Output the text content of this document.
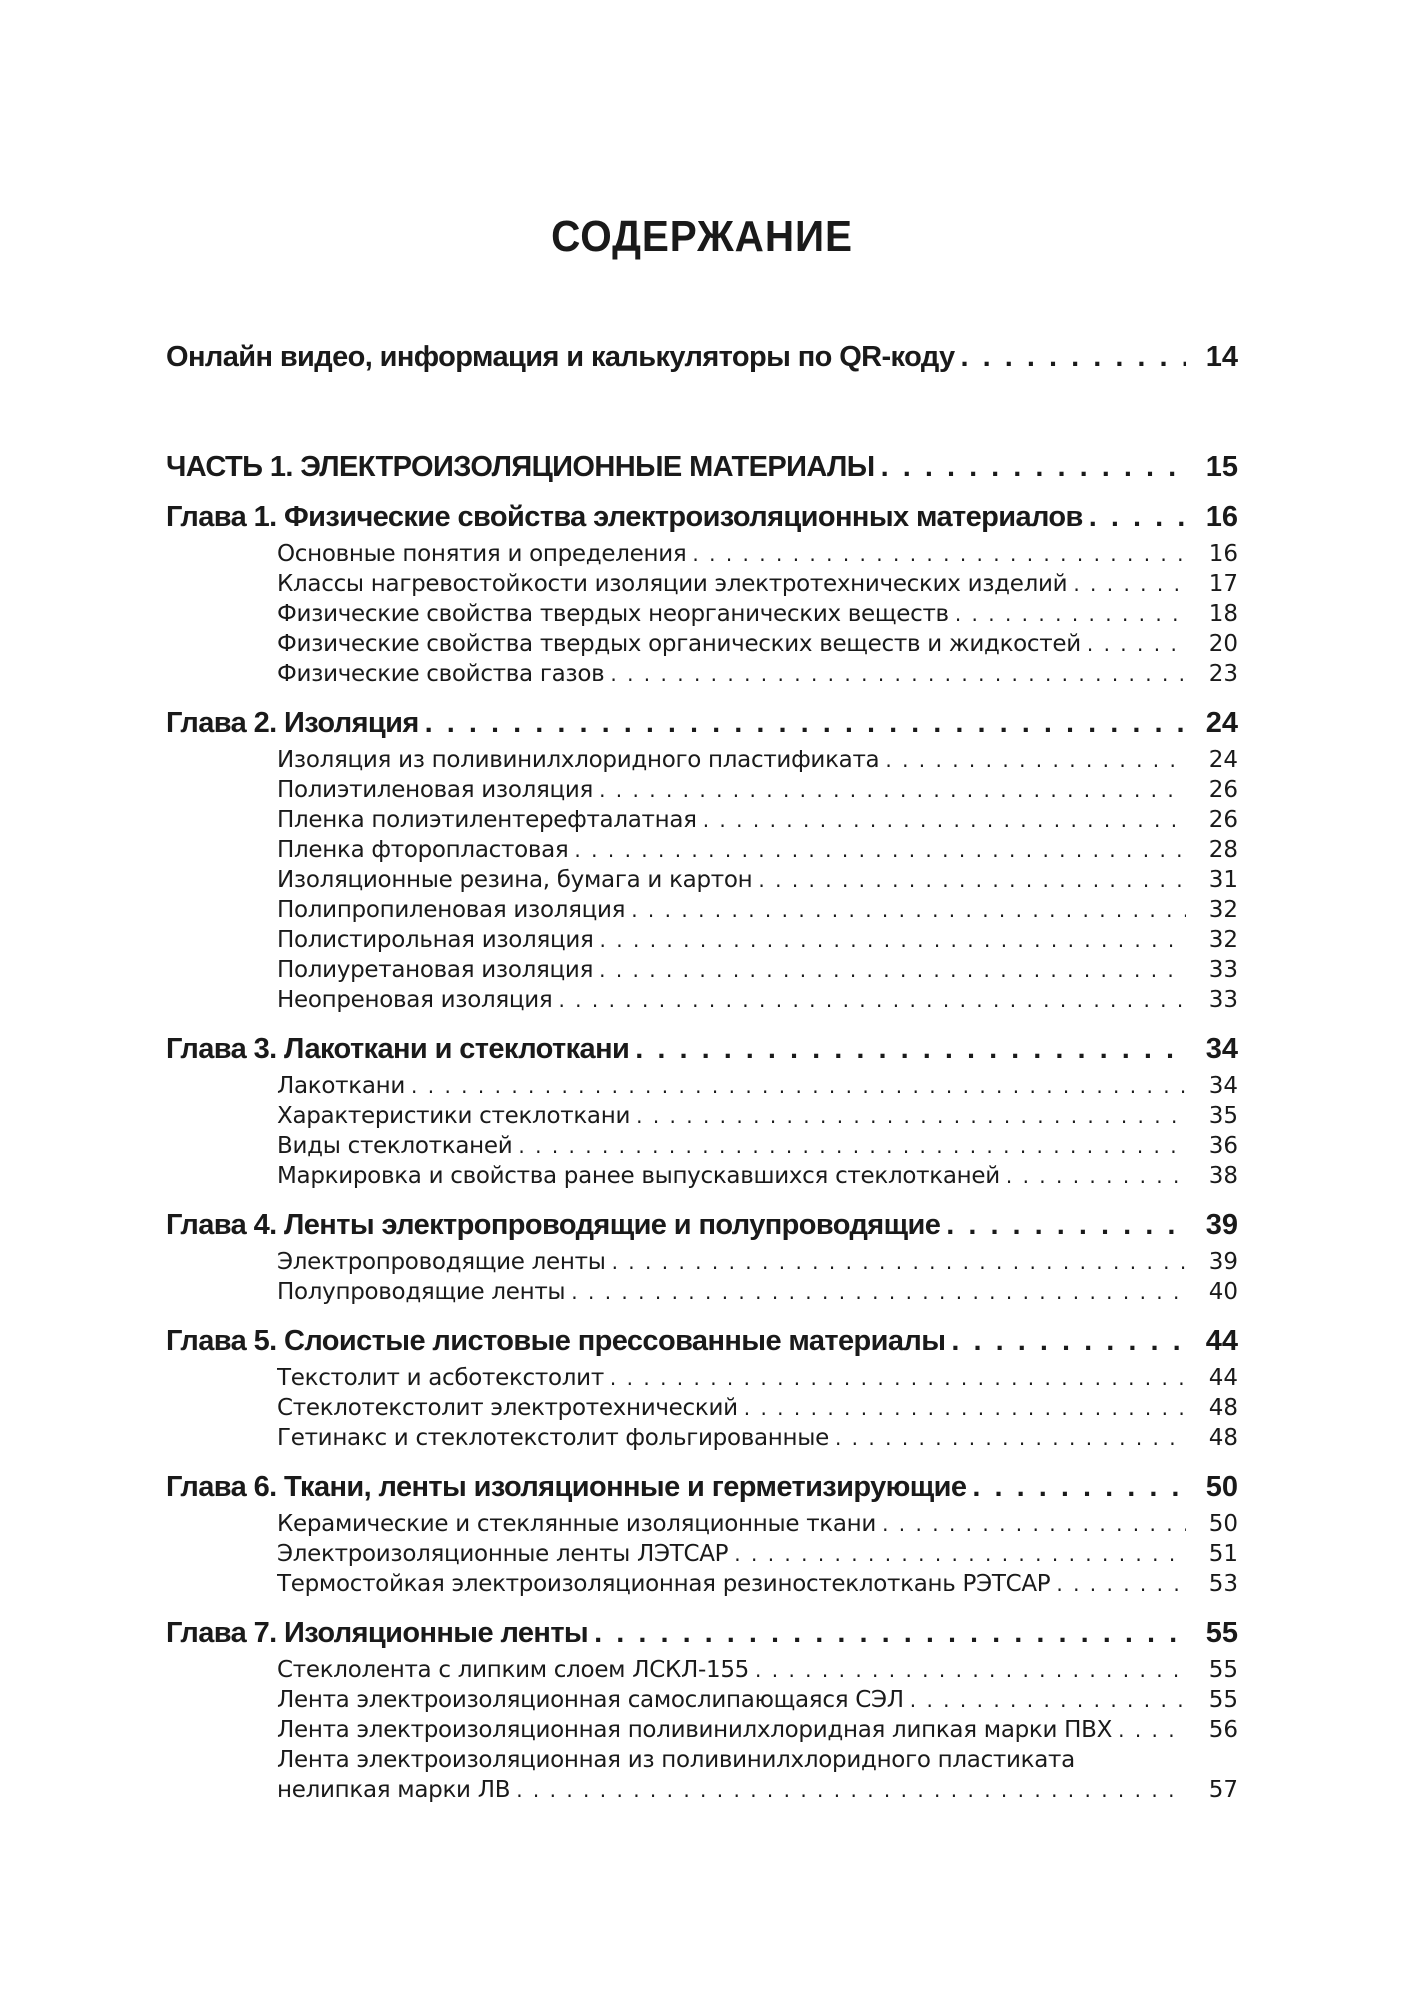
СОДЕРЖАНИЕ
Онлайн видео, информация и калькуляторы по QR-коду . . .	14
ЧАСТЬ 1. ЭЛЕКТРОИЗОЛЯЦИОННЫЕ МАТЕРИАЛЫ . . .	15
Глава 1. Физические свойства электроизоляционных материалов . . .	16
Основные понятия и определения . . .	16
Классы нагревостойкости изоляции электротехнических изделий . . .	17
Физические свойства твердых неорганических веществ . . .	18
Физические свойства твердых органических веществ и жидкостей . . .	20
Физические свойства газов . . .	23
Глава 2. Изоляция . . .	24
Изоляция из поливинилхлоридного пластификата . . .	24
Полиэтиленовая изоляция . . .	26
Пленка полиэтилентерефталатная . . .	26
Пленка фторопластовая . . .	28
Изоляционные резина, бумага и картон . . .	31
Полипропиленовая изоляция . . .	32
Полистирольная изоляция . . .	32
Полиуретановая изоляция . . .	33
Неопреновая изоляция . . .	33
Глава 3. Лакоткани и стеклоткани . . .	34
Лакоткани . . .	34
Характеристики стеклоткани . . .	35
Виды стеклотканей . . .	36
Маркировка и свойства ранее выпускавшихся стеклотканей . . .	38
Глава 4. Ленты электропроводящие и полупроводящие . . .	39
Электропроводящие ленты . . .	39
Полупроводящие ленты . . .	40
Глава 5. Слоистые листовые прессованные материалы . . .	44
Текстолит и асботекстолит . . .	44
Стеклотекстолит электротехнический . . .	48
Гетинакс и стеклотекстолит фольгированные . . .	48
Глава 6. Ткани, ленты изоляционные и герметизирующие . . .	50
Керамические и стеклянные изоляционные ткани . . .	50
Электроизоляционные ленты ЛЭТСАР . . .	51
Термостойкая электроизоляционная резиностеклоткань РЭТСАР . . .	53
Глава 7. Изоляционные ленты . . .	55
Стеклолента с липким слоем ЛСКЛ-155 . . .	55
Лента электроизоляционная самослипающаяся СЭЛ . . .	55
Лента электроизоляционная поливинилхлоридная липкая марки ПВХ . . .	56
Лента электроизоляционная из поливинилхлоридного пластиката
нелипкая марки ЛВ . . .	57
